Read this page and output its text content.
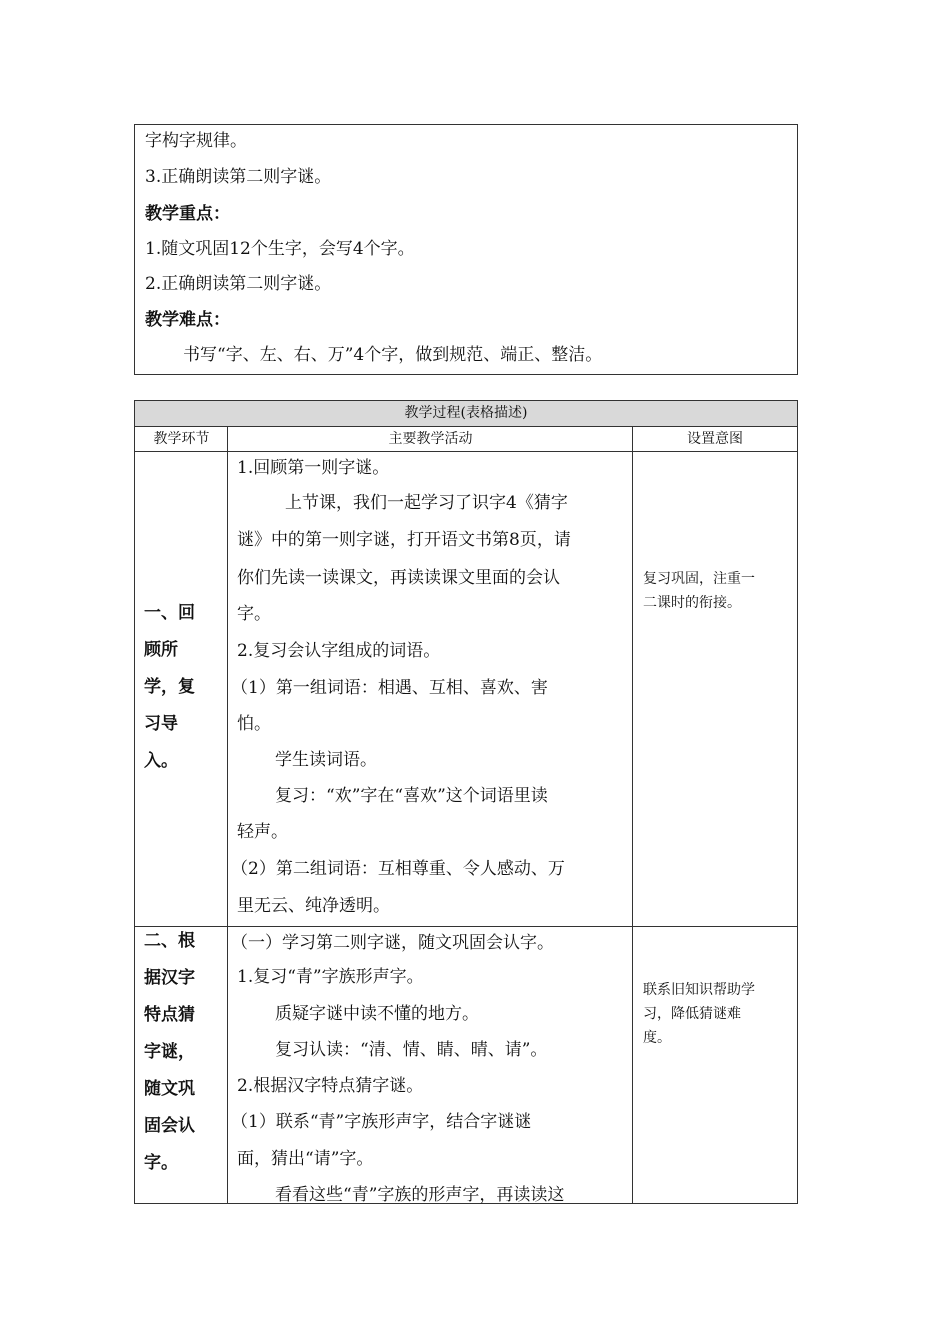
字构字规律。
3.正确朗读第二则字谜。
教学重点：
1.随文巩固12个生字，会写4个字。
2.正确朗读第二则字谜。
教学难点：
书写“字、左、右、万”4个字，做到规范、端正、整洁。
教学过程(表格描述)
教学环节	主要教学活动	设置意图
一、回
顾所
学，复
习导
入。
1.回顾第一则字谜。
上节课，我们一起学习了识字4《猜字
谜》中的第一则字谜，打开语文书第8页，请
你们先读一读课文，再读读课文里面的会认
字。
2.复习会认字组成的词语。
（1）第一组词语：相遇、互相、喜欢、害
怕。
学生读词语。
复习：“欢”字在“喜欢”这个词语里读
轻声。
（2）第二组词语：互相尊重、令人感动、万
里无云、纯净透明。
复习巩固，注重一
二课时的衔接。
二、根
据汉字
特点猜
字谜，
随文巩
固会认
字。
（一）学习第二则字谜，随文巩固会认字。
1.复习“青”字族形声字。
质疑字谜中读不懂的地方。
复习认读：“清、情、睛、晴、请”。
2.根据汉字特点猜字谜。
（1）联系“青”字族形声字，结合字谜谜
面，猜出“请”字。
看看这些“青”字族的形声字，再读读这
联系旧知识帮助学
习，降低猜谜难
度。
